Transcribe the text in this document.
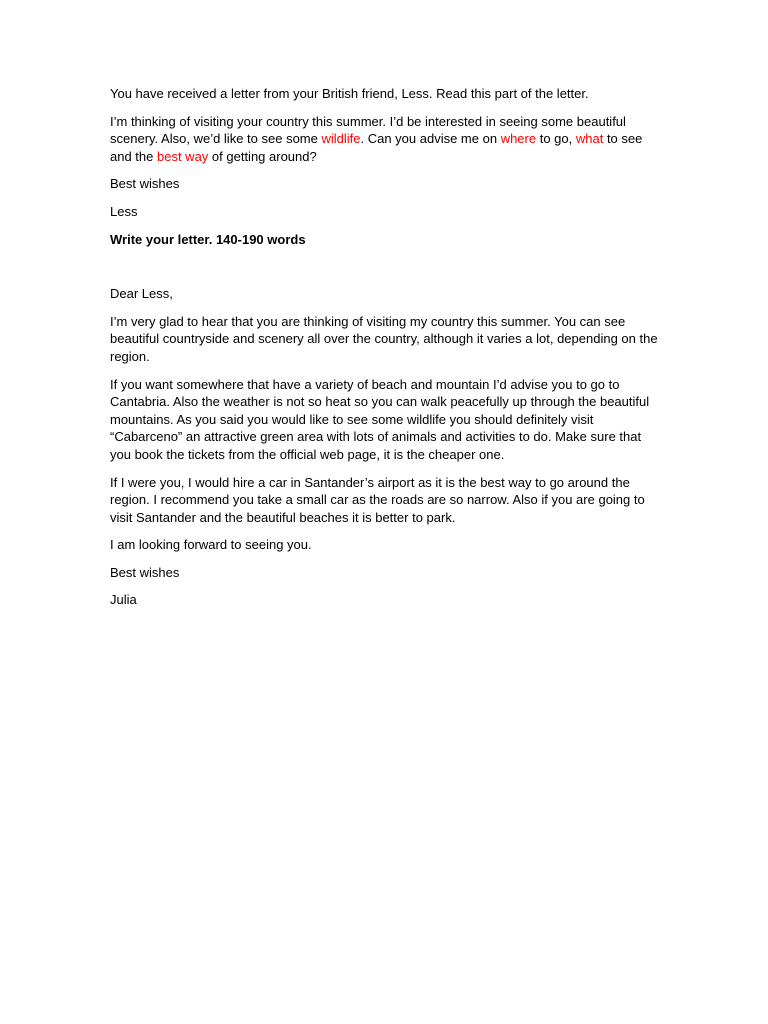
You have received a letter from your British friend, Less. Read this part of the letter.

I’m thinking of visiting your country this summer. I’d be interested in seeing some beautiful scenery. Also, we’d like to see some wildlife. Can you advise me on where to go, what to see and the best way of getting around?

Best wishes

Less

Write your letter. 140-190 words

Dear Less,

I’m very glad to hear that you are thinking of visiting my country this summer. You can see beautiful countryside and scenery all over the country, although it varies a lot, depending on the region.

If you want somewhere that have a variety of beach and mountain I’d advise you to go to Cantabria. Also the weather is not so heat so you can walk peacefully up through the beautiful mountains. As you said you would like to see some wildlife you should definitely visit “Cabarceno” an attractive green area with lots of animals and activities to do. Make sure that you book the tickets from the official web page, it is the cheaper one.

If I were you, I would hire a car in Santander’s airport as it is the best way to go around the region. I recommend you take a small car as the roads are so narrow. Also if you are going to visit Santander and the beautiful beaches it is better to park.

I am looking forward to seeing you.

Best wishes

Julia
